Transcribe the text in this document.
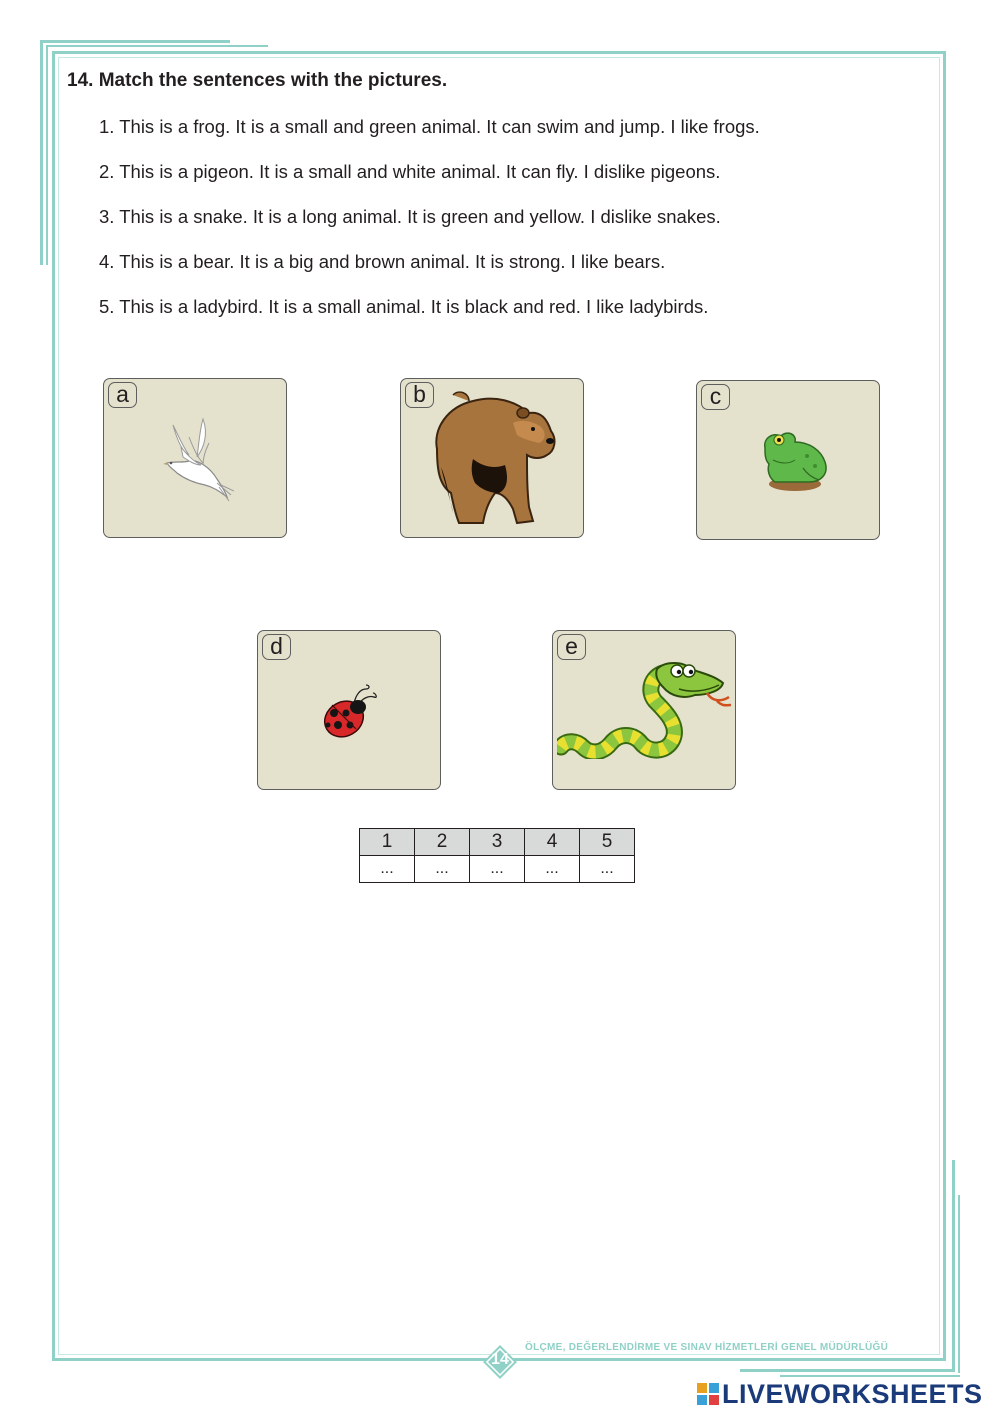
14. Match the sentences with the pictures.
1. This is a frog. It is a small and green animal. It can swim and jump. I like frogs.
2. This is a pigeon. It is a small and white animal. It can fly. I dislike pigeons.
3. This is a snake. It is a long animal. It is green and yellow. I dislike snakes.
4. This is a bear. It is a big and brown animal. It is strong. I like bears.
5. This is a ladybird. It is a small animal. It is black and red. I like ladybirds.
a	b	c
d	e
1	2	3	4	5
...	...	...	...	...
ÖLÇME, DEĞERLENDİRME VE SINAV HİZMETLERİ GENEL MÜDÜRLÜĞÜ
14
LIVEWORKSHEETS
